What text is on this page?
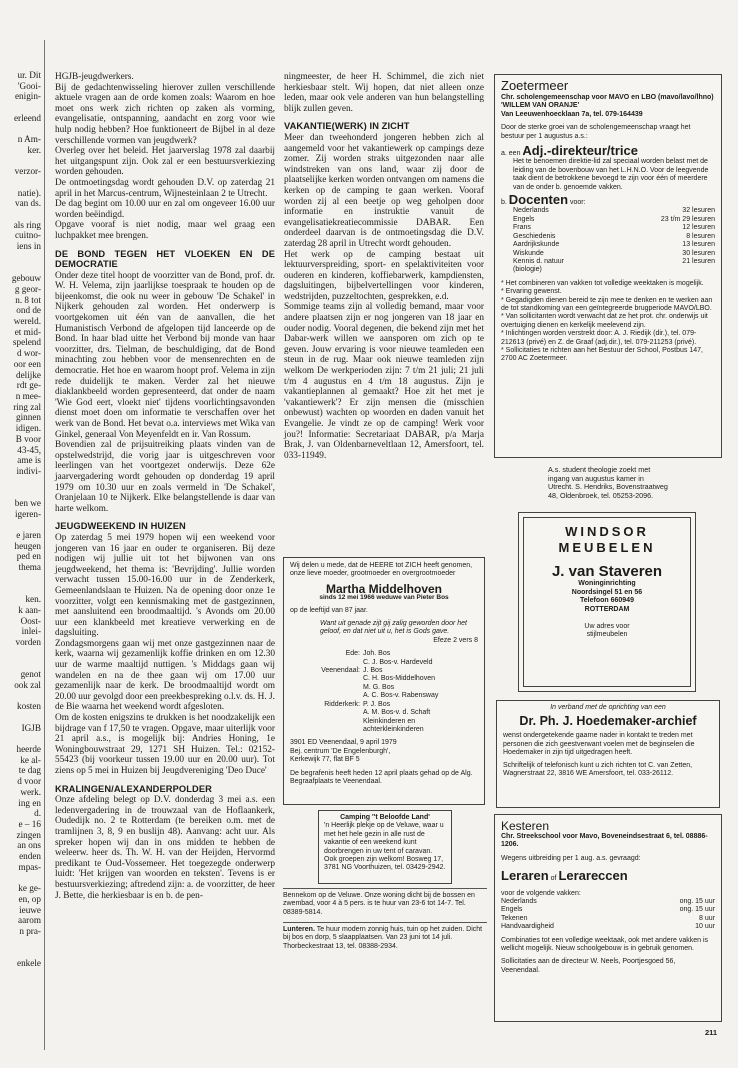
ur. Dit

'Gooi-

enigin-

erleend

n Am-

ker.

verzor-

natie).

van ds.

als ring

cuitno-

iens in

gebouw

g geor-

n. 8 tot

ond de

wereld.

et mid-

spelend

d wor-

oor een

delijke

rdt ge-

n mee-

ring zal

ginnen

idigen.

B voor

43-45,

ame is

indivi-

ben we

igeren-

e jaren

heugen

ped en

thema

ken.

k aan-

Oost-

inlei-

vorden

genot

ook zal

kosten

IGJB

heerde

ke al-

te dag

d voor

werk.

ing en

d.

e – 16

zingen

an ons

enden

mpas-

ke ge-

en, op

ieuwe

aarom

n pra-

enkele

HGJB-jeugdwerkers.

Bij de gedachtenwisseling hierover zullen verschillende aktuele vragen aan de orde komen zoals: Waarom en hoe moet ons werk zich richten op zaken als vorming, evangelisatie, ontspanning, aandacht en zorg voor wie hulp nodig hebben? Hoe funktioneert de Bijbel in al deze verschillende vormen van jeugdwerk?

Overleg over het beleid. Het jaarverslag 1978 zal daarbij het uitgangspunt zijn. Ook zal er een bestuursverkiezing worden gehouden.

De ontmoetingsdag wordt gehouden D.V. op zaterdag 21 april in het Marcus-centrum, Wijnesteinlaan 2 te Utrecht.

De dag begint om 10.00 uur en zal om ongeveer 16.00 uur worden beëindigd.

Opgave vooraf is niet nodig, maar wel graag een luchpakket mee brengen.

DE BOND TEGEN HET VLOEKEN EN DE DEMOCRATIE

Onder deze titel hoopt de voorzitter van de Bond, prof. dr. W. H. Velema, zijn jaarlijkse toespraak te houden op de bijeenkomst, die ook nu weer in gebouw 'De Schakel' in Nijkerk gehouden zal worden. Het onderwerp is voortgekomen uit één van de aanvallen, die het Humanistisch Verbond de afgelopen tijd lanceerde op de Bond. In haar blad uitte het Verbond bij monde van haar voorzitter, drs. Tielman, de beschuldiging, dat de Bond minachting zou hebben voor de mensenrechten en de democratie. Het hoe en waarom hoopt prof. Velema in zijn rede duidelijk te maken. Verder zal het nieuwe diaklankbeeld worden gepresenteerd, dat onder de naam 'Wie God eert, vloekt niet' tijdens voorlichtingsavonden dienst moet doen om informatie te verschaffen over het werk van de Bond. Het bevat o.a. interviews met Wika van Ginkel, generaal Von Meyenfeldt en ir. Van Rossum.

Bovendien zal de prijsuitreiking plaats vinden van de opstelwedstrijd, die vorig jaar is uitgeschreven voor leerlingen van het voortgezet onderwijs. Deze 62e jaarvergadering wordt gehouden op donderdag 19 april 1979 om 10.30 uur en zoals vermeld in 'De Schakel', Oranjelaan 10 te Nijkerk. Elke belangstellende is daar van harte welkom.

JEUGDWEEKEND IN HUIZEN

Op zaterdag 5 mei 1979 hopen wij een weekend voor jongeren van 16 jaar en ouder te organiseren. Bij deze nodigen wij jullie uit tot het bijwonen van ons jeugdweekend, het thema is: 'Bevrijding'. Jullie worden verwacht tussen 15.00-16.00 uur in de Zenderkerk, Gemeenlandslaan te Huizen. Na de opening door onze 1e voorzitter, volgt een kennismaking met de gastgezinnen, met aansluitend een broodmaaltijd. 's Avonds om 20.00 uur een klankbeeld met kreatieve verwerking en de dagsluiting.

Zondagsmorgens gaan wij met onze gastgezinnen naar de kerk, waarna wij gezamenlijk koffie drinken en om 12.30 uur de warme maaltijd nuttigen. 's Middags gaan wij wandelen en na de thee gaan wij om 17.00 uur gezamenlijk naar de kerk. De broodmaaltijd wordt om 20.00 uur gevolgd door een preekbespreking o.l.v. ds. H. J. de Bie waarna het weekend wordt afgesloten.

Om de kosten enigszins te drukken is het noodzakelijk een bijdrage van f 17,50 te vragen. Opgave, maar uiterlijk voor 21 april a.s., is mogelijk bij: Andries Honing, 1e Woningbouwstraat 29, 1271 SH Huizen. Tel.: 02152-55423 (bij voorkeur tussen 19.00 uur en 20.00 uur). Tot ziens op 5 mei in Huizen bij Jeugdvereniging 'Deo Duce'

KRALINGEN/ALEXANDERPOLDER

Onze afdeling belegt op D.V. donderdag 3 mei a.s. een ledenvergadering in de trouwzaal van de Hoflaankerk, Oudedijk no. 2 te Rotterdam (te bereiken o.m. met de tramlijnen 3, 8, 9 en buslijn 48). Aanvang: acht uur. Als spreker hopen wij dan in ons midden te hebben de weleerw. heer ds. Th. W. H. van der Heijden, Hervormd predikant te Oud-Vossemeer. Het toegezegde onderwerp luidt: 'Het krijgen van woorden en teksten'. Tevens is er bestuursverkiezing; aftredend zijn: a. de voorzitter, de heer J. Bette, die herkiesbaar is en b. de pen-

ningmeester, de heer H. Schimmel, die zich niet herkiesbaar stelt. Wij hopen, dat niet alleen onze leden, maar ook vele anderen van hun belangstelling blijk zullen geven.

VAKANTIE(WERK) IN ZICHT

Meer dan tweehonderd jongeren hebben zich al aangemeld voor het vakantiewerk op campings deze zomer. Zij worden straks uitgezonden naar alle windstreken van ons land, waar zij door de plaatselijke kerken worden ontvangen om namens die kerken op de camping te gaan werken. Vooraf worden zij al een beetje op weg geholpen door informatie en instruktie vanuit de evangelisatiekreatiecommissie DABAR. Een onderdeel daarvan is de ontmoetingsdag die D.V. zaterdag 28 april in Utrecht wordt gehouden.

Het werk op de camping bestaat uit lektuurverspreiding, sport- en spelaktiviteiten voor ouderen en kinderen, koffiebarwerk, kampdiensten, dagsluitingen, bijbelvertellingen voor kinderen, wedstrijden, puzzeltochten, gesprekken, e.d.

Sommige teams zijn al volledig bemand, maar voor andere plaatsen zijn er nog jongeren van 18 jaar en ouder nodig. Vooral degenen, die bekend zijn met het Dabar-werk willen we aansporen om zich op te geven. Jouw ervaring is voor nieuwe teamleden een steun in de rug. Maar ook nieuwe teamleden zijn welkom De werkperioden zijn: 7 t/m 21 juli; 21 juli t/m 4 augustus en 4 t/m 18 augustus. Zijn je vakantieplannen al gemaakt? Hoe zit het met je 'vakantiewerk'? Er zijn mensen die (misschien onbewust) wachten op woorden en daden vanuit het Evangelie. Je vindt ze op de camping! Werk voor jou?! Informatie: Secretariaat DABAR, p/a Marja Brak, J. van Oldenbarneveltlaan 12, Amersfoort, tel. 033-11949.

Zoetermeer
Chr. scholengemeenschap voor MAVO en LBO (mavo/lavo/lhno) 'WILLEM VAN ORANJE'
Van Leeuwenhoecklaan 7a, tel. 079-164439
Door de sterke groei van de scholengemeenschap vraagt het bestuur per 1 augustus a.s.:
a. een Adj.-direkteur/trice
Het te benoemen direktie-lid zal speciaal worden belast met de leiding van de bovenbouw van het L.H.N.O. Voor de leegvende taak dient de betrokkene bevoegd te zijn voor één of meerdere van de onder b. genoemde vakken.
b. Docenten voor:
Nederlands	32 lesuren
Engels	23 t/m 29 lesuren
Frans	12 lesuren
Geschiedenis	8 lesuren
Aardrijkskunde	13 lesuren
Wiskunde	30 lesuren
Kennis d. natuur	21 lesuren
(biologie)
* Het combineren van vakken tot volledige weektaken is mogelijk.
* Ervaring gewenst.
* Gegadigden dienen bereid te zijn mee te denken en te werken aan de tot standkoming van een geïntegreerde brugperiode MAVO/LBO.
* Van sollicitanten wordt verwacht dat ze het prot. chr. onderwijs uit overtuiging dienen en kerkelijk meelevend zijn.
* Inlichtingen worden verstrekt door: A. J. Riedijk (dir.), tel. 079-212613 (privé) en Z. de Graaf (adj.dir.), tel. 079-211253 (privé).
* Sollicitaties te richten aan het Bestuur der School, Postbus 147, 2700 AC Zoetermeer.
A.s. student theologie zoekt met ingang van augustus kamer in Utrecht. S. Hendriks, Bovenstraatweg 48, Oldenbroek, tel. 05253-2096.
WINDSOR
MEUBELEN
J. van Staveren
Woninginrichting
Noordsingel 51 en 56
Telefoon 660949
ROTTERDAM
Uw adres voor
stijlmeubelen
In verband met de oprichting van een
Dr. Ph. J. Hoedemaker-archief
wenst ondergetekende gaarne nader in kontakt te treden met personen die zich geestverwant voelen met de beginselen die Hoedemaker in zijn tijd uitgedragen heeft.
Schriftelijk of telefonisch kunt u zich richten tot C. van Zetten, Wagnerstraat 22, 3816 WE Amersfoort, tel. 033-26112.
Kesteren
Chr. Streekschool voor Mavo, Boveneindsestraat 6, tel. 08886-1206.
Wegens uitbreiding per 1 aug. a.s. gevraagd:
Leraren of Lerarессen
voor de volgende vakken:
Nederlands	ong. 15 uur
Engels	ong. 15 uur
Tekenen	8 uur
Handvaardigheid	10 uur
Combinaties tot een volledige weektaak, ook met andere vakken is wellicht mogelijk. Nieuw schoolgebouw is in gebruik genomen.
Sollicitaties aan de directeur W. Neels, Poortjesgoed 56, Veenendaal.
Wij delen u mede, dat de HEERE tot ZICH heeft genomen, onze lieve moeder, grootmoeder en overgrootmoeder
Martha Middelhoven
sinds 12 mei 1966 weduwe van Pieter Bos
op de leeftijd van 87 jaar.
Want uit genade zijt gij zalig geworden door het geloof, en dat niet uit u, het is Gods gave.
Efeze 2 vers 8
Ede: Joh. Bos
C. J. Bos-v. Hardeveld
Veenendaal: J. Bos
C. H. Bos-Middelhoven
M. G. Bos
A. C. Bos-v. Rabensway
Ridderkerk: P. J. Bos
A. M. Bos-v. d. Schaft
Kleinkinderen en
achterkleinkinderen
3901 ED Veenendaal, 9 april 1979
Bej. centrum 'De Engelenburgh',
Kerkewijk 77, flat BF 5
De begrafenis heeft heden 12 april plaats gehad op de Alg. Begraafplaats te Veenendaal.
Camping ''t Beloofde Land'
'n Heerlijk plekje op de Veluwe, waar u met het hele gezin in alle rust de vakantie of een weekend kunt doorbrengen in uw tent of caravan. Ook groepen zijn welkom! Bosweg 17, 3781 NG Voorthuizen, tel. 03429-2942.
Bennekom op de Veluwe. Onze woning dicht bij de bossen en zwembad, voor 4 à 5 pers. is te huur van 23-6 tot 14-7. Tel. 08389-5814.
Lunteren. Te huur modern zonnig huis, tuin op het zuiden. Dicht bij bos en dorp, 5 slaapplaatsen. Van 23 juni tot 14 juli. Thorbeckestraat 13, tel. 08388-2934.
211
